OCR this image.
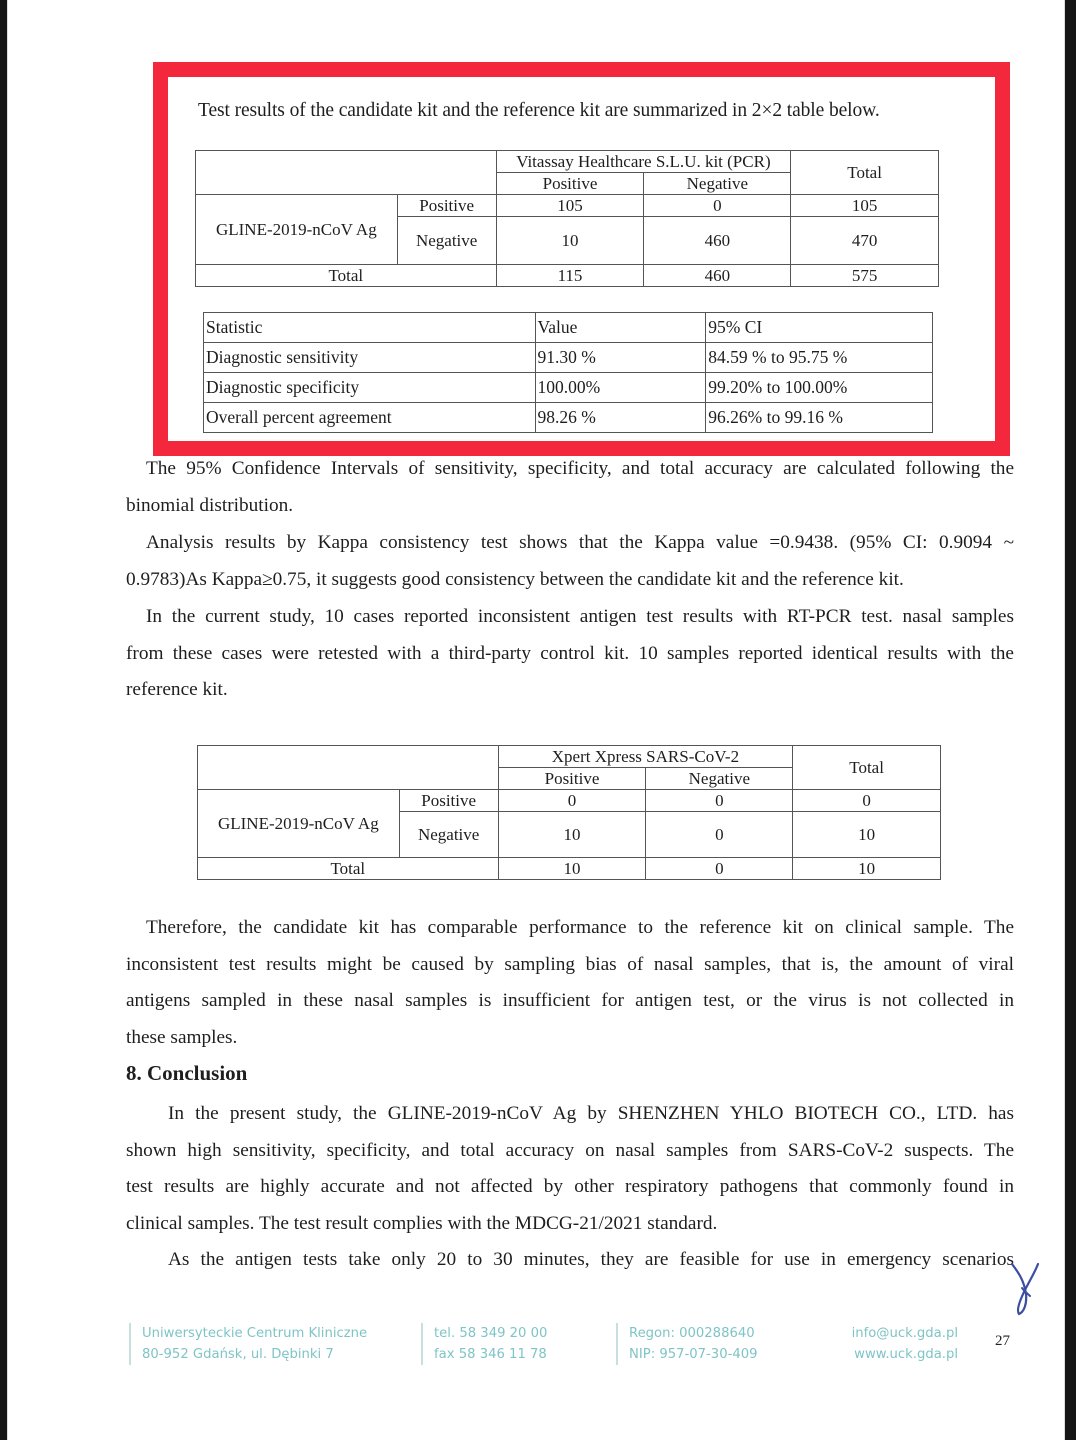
Test results of the candidate kit and the reference kit are summarized in 2×2 table below.
		Vitassay Healthcare S.L.U. kit (PCR)		Total
		Positive	Negative	
GLINE-2019-nCoV Ag	Positive	105	0	105
	Negative	10	460	470
Total		115	460	575
Statistic	Value	95% CI
Diagnostic sensitivity	91.30 %	84.59 % to 95.75 %
Diagnostic specificity	100.00%	99.20% to 100.00%
Overall percent agreement	98.26 %	96.26% to 99.16 %
The 95% Confidence Intervals of sensitivity, specificity, and total accuracy are calculated following the
binomial distribution.
Analysis results by Kappa consistency test shows that the Kappa value =0.9438. (95% CI: 0.9094 ~
0.9783)As Kappa≥0.75, it suggests good consistency between the candidate kit and the reference kit.
In the current study, 10 cases reported inconsistent antigen test results with RT-PCR test. nasal samples
from these cases were retested with a third-party control kit. 10 samples reported identical results with the
reference kit.
		Xpert Xpress SARS-CoV-2		Total
		Positive	Negative	
GLINE-2019-nCoV Ag	Positive	0	0	0
	Negative	10	0	10
Total		10	0	10
Therefore, the candidate kit has comparable performance to the reference kit on clinical sample. The
inconsistent test results might be caused by sampling bias of nasal samples, that is, the amount of viral
antigens sampled in these nasal samples is insufficient for antigen test, or the virus is not collected in
these samples.
8. Conclusion
In the present study, the GLINE-2019-nCoV Ag by SHENZHEN YHLO BIOTECH CO., LTD. has
shown high sensitivity, specificity, and total accuracy on nasal samples from SARS-CoV-2 suspects. The
test results are highly accurate and not affected by other respiratory pathogens that commonly found in
clinical samples. The test result complies with the MDCG-21/2021 standard.
As the antigen tests take only 20 to 30 minutes, they are feasible for use in emergency scenarios
Uniwersyteckie Centrum Kliniczne
80-952 Gdańsk, ul. Dębinki 7
tel. 58 349 20 00
fax 58 346 11 78
Regon: 000288640
NIP: 957-07-30-409
info@uck.gda.pl
www.uck.gda.pl
27
